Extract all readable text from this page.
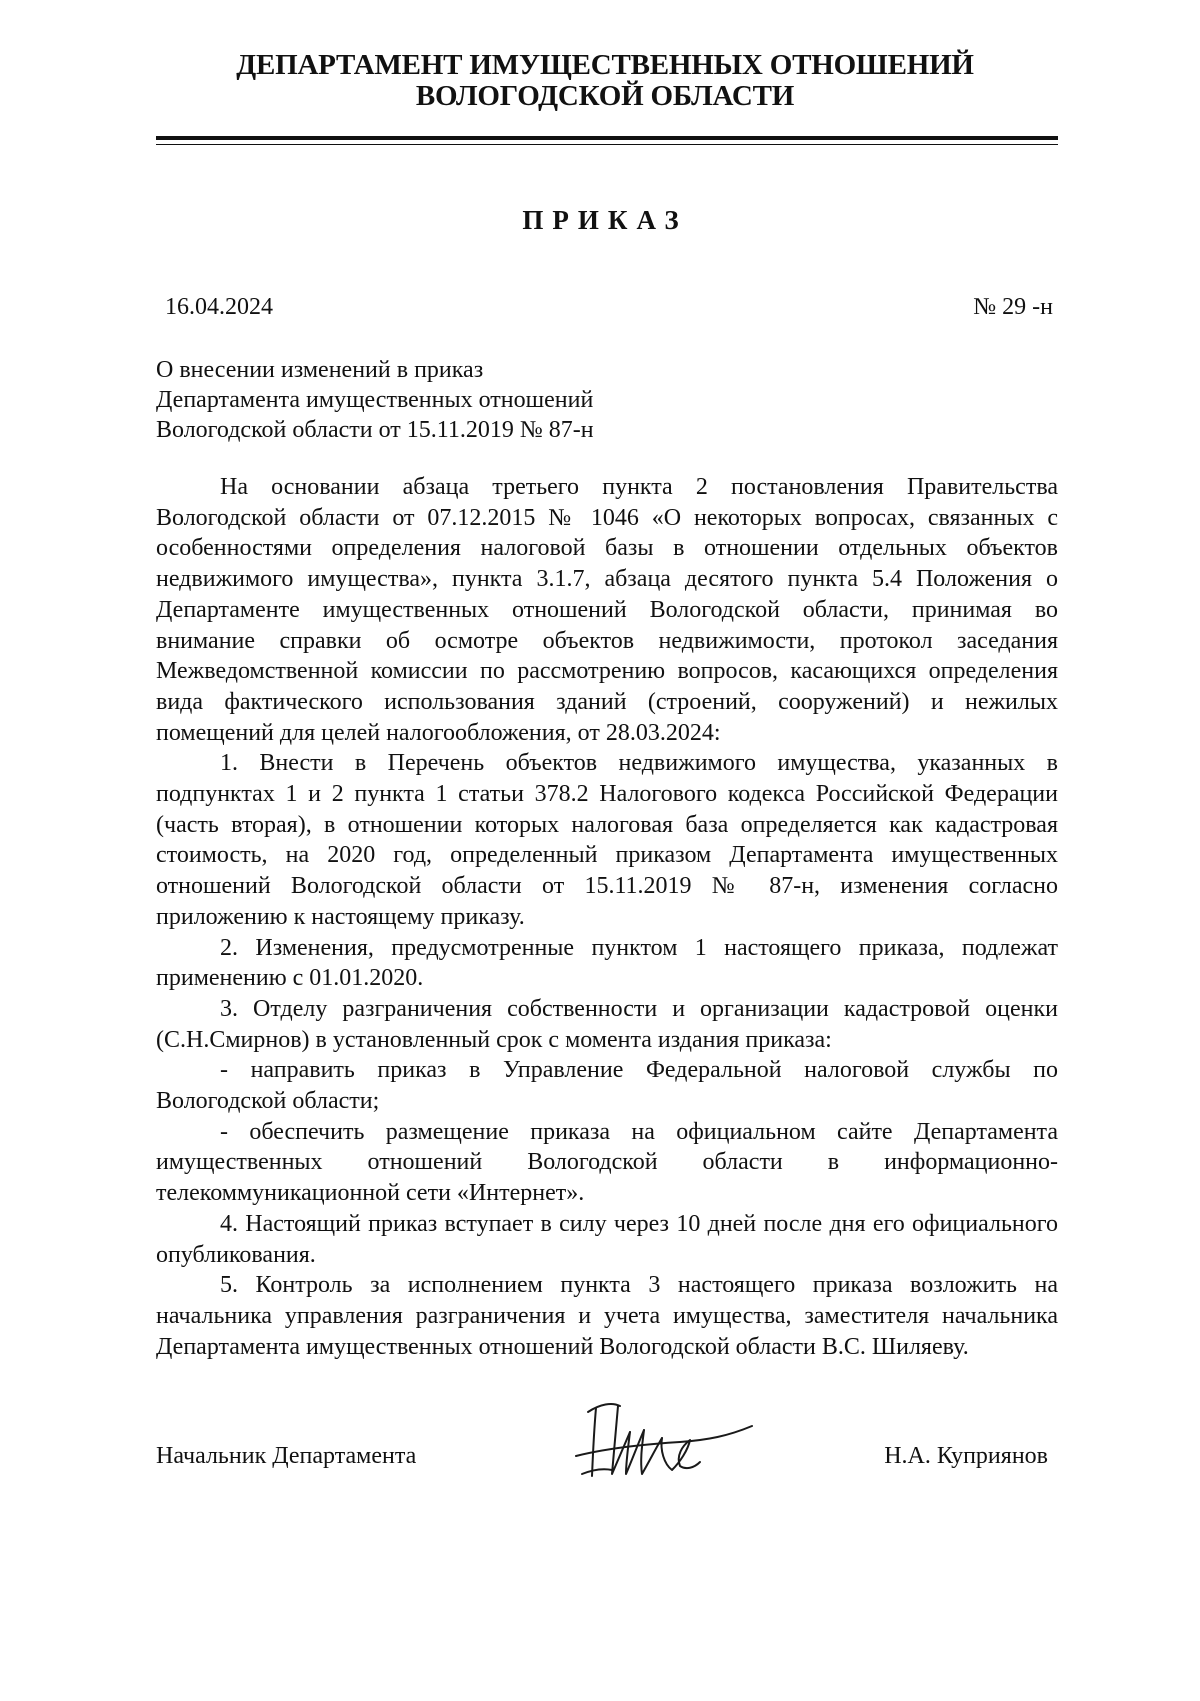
ДЕПАРТАМЕНТ ИМУЩЕСТВЕННЫХ ОТНОШЕНИЙ
ВОЛОГОДСКОЙ ОБЛАСТИ
ПРИКАЗ
16.04.2024	№ 29 -н
О внесении изменений в приказ
Департамента имущественных отношений
Вологодской области от 15.11.2019 № 87-н

На основании абзаца третьего пункта 2 постановления Правительства Вологодской области от 07.12.2015 № 1046 «О некоторых вопросах, связанных с особенностями определения налоговой базы в отношении отдельных объектов недвижимого имущества», пункта 3.1.7, абзаца десятого пункта 5.4 Положения о Департаменте имущественных отношений Вологодской области, принимая во внимание справки об осмотре объектов недвижимости, протокол заседания Межведомственной комиссии по рассмотрению вопросов, касающихся определения вида фактического использования зданий (строений, сооружений) и нежилых помещений для целей налогообложения, от 28.03.2024:

1. Внести в Перечень объектов недвижимого имущества, указанных в подпунктах 1 и 2 пункта 1 статьи 378.2 Налогового кодекса Российской Федерации (часть вторая), в отношении которых налоговая база определяется как кадастровая стоимость, на 2020 год, определенный приказом Департамента имущественных отношений Вологодской области от 15.11.2019 № 87-н, изменения согласно приложению к настоящему приказу.

2. Изменения, предусмотренные пунктом 1 настоящего приказа, подлежат применению с 01.01.2020.

3. Отделу разграничения собственности и организации кадастровой оценки (С.Н.Смирнов) в установленный срок с момента издания приказа:

- направить приказ в Управление Федеральной налоговой службы по Вологодской области;

- обеспечить размещение приказа на официальном сайте Департамента имущественных отношений Вологодской области в информационно-телекоммуникационной сети «Интернет».

4. Настоящий приказ вступает в силу через 10 дней после дня его официального опубликования.

5. Контроль за исполнением пункта 3 настоящего приказа возложить на начальника управления разграничения и учета имущества, заместителя начальника Департамента имущественных отношений Вологодской области В.С. Шиляеву.

Начальник Департамента	Н.А. Куприянов
